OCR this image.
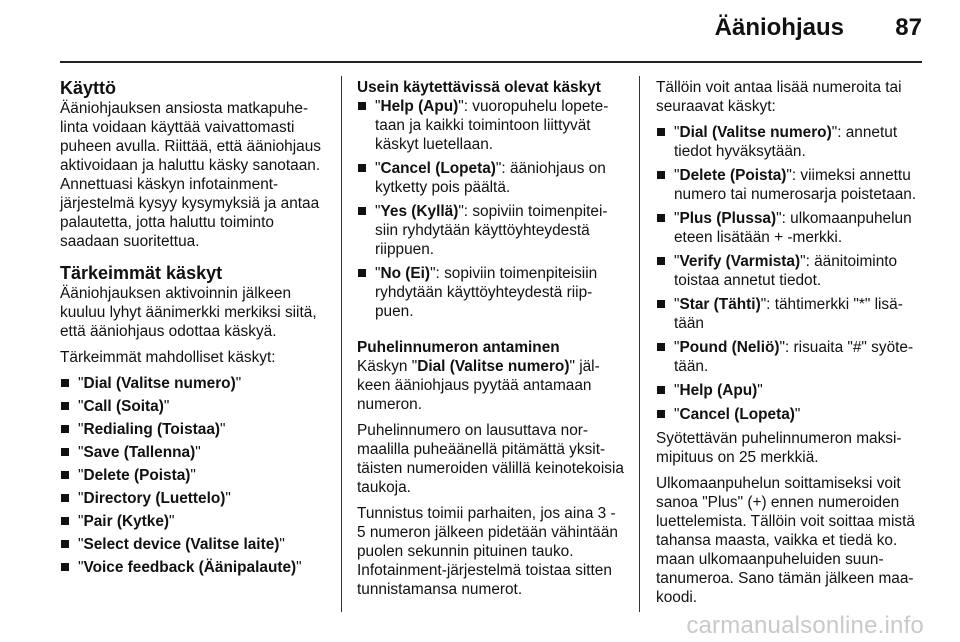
Ääniohjaus 87
Käyttö

Ääniohjauksen ansiosta matkapuhelinta voidaan käyttää vaivattomasti puheen avulla. Riittää, että ääniohjaus aktivoidaan ja haluttu käsky sanotaan. Annettuasi käskyn infotainment-järjestelmä kysyy kysymyksiä ja antaa palautetta, jotta haluttu toiminto saadaan suoritettua.

Tärkeimmät käskyt

Ääniohjauksen aktivoinnin jälkeen kuuluu lyhyt äänimerkki merkiksi siitä, että ääniohjaus odottaa käskyä.

Tärkeimmät mahdolliset käskyt:

"Dial (Valitse numero)"
"Call (Soita)"
"Redialing (Toistaa)"
"Save (Tallenna)"
"Delete (Poista)"
"Directory (Luettelo)"
"Pair (Kytke)"
"Select device (Valitse laite)"
"Voice feedback (Äänipalaute)"
Usein käytettävissä olevat käskyt
"Help (Apu)": vuoropuhelu lopetetaan ja kaikki toimintoon liittyvät käskyt luetellaan.
"Cancel (Lopeta)": ääniohjaus on kytketty pois päältä.
"Yes (Kyllä)": sopiviin toimenpiteisiin ryhdytään käyttöyhteydestä riippuen.
"No (Ei)": sopiviin toimenpiteisiin ryhdytään käyttöyhteydestä riippuen.
Puhelinnumeron antaminen

Käskyn "Dial (Valitse numero)" jälkeen ääniohjaus pyytää antamaan numeron.

Puhelinnumero on lausuttava normaalilla puheäänellä pitämättä yksittäisten numeroiden välillä keinotekoisia taukoja.

Tunnistus toimii parhaiten, jos aina 3 - 5 numeron jälkeen pidetään vähintään puolen sekunnin pituinen tauko. Infotainment-järjestelmä toistaa sitten tunnistamansa numerot.

Tällöin voit antaa lisää numeroita tai seuraavat käskyt:

"Dial (Valitse numero)": annetut tiedot hyväksytään.
"Delete (Poista)": viimeksi annettu numero tai numerosarja poistetaan.
"Plus (Plussa)": ulkomaanpuhelun eteen lisätään + -merkki.
"Verify (Varmista)": äänitoiminto toistaa annetut tiedot.
"Star (Tähti)": tähtimerkki "*" lisätään
"Pound (Neliö)": risuaita "#" syötetään.
"Help (Apu)"
"Cancel (Lopeta)"

Syötettävän puhelinnumeron maksimipituus on 25 merkkiä.

Ulkomaanpuhelun soittamiseksi voit sanoa "Plus" (+) ennen numeroiden luettelemista. Tällöin voit soittaa mistä tahansa maasta, vaikka et tiedä ko. maan ulkomaanpuheluiden suuntanumeroa. Sano tämän jälkeen maakoodi.

carmanualsonline.info
